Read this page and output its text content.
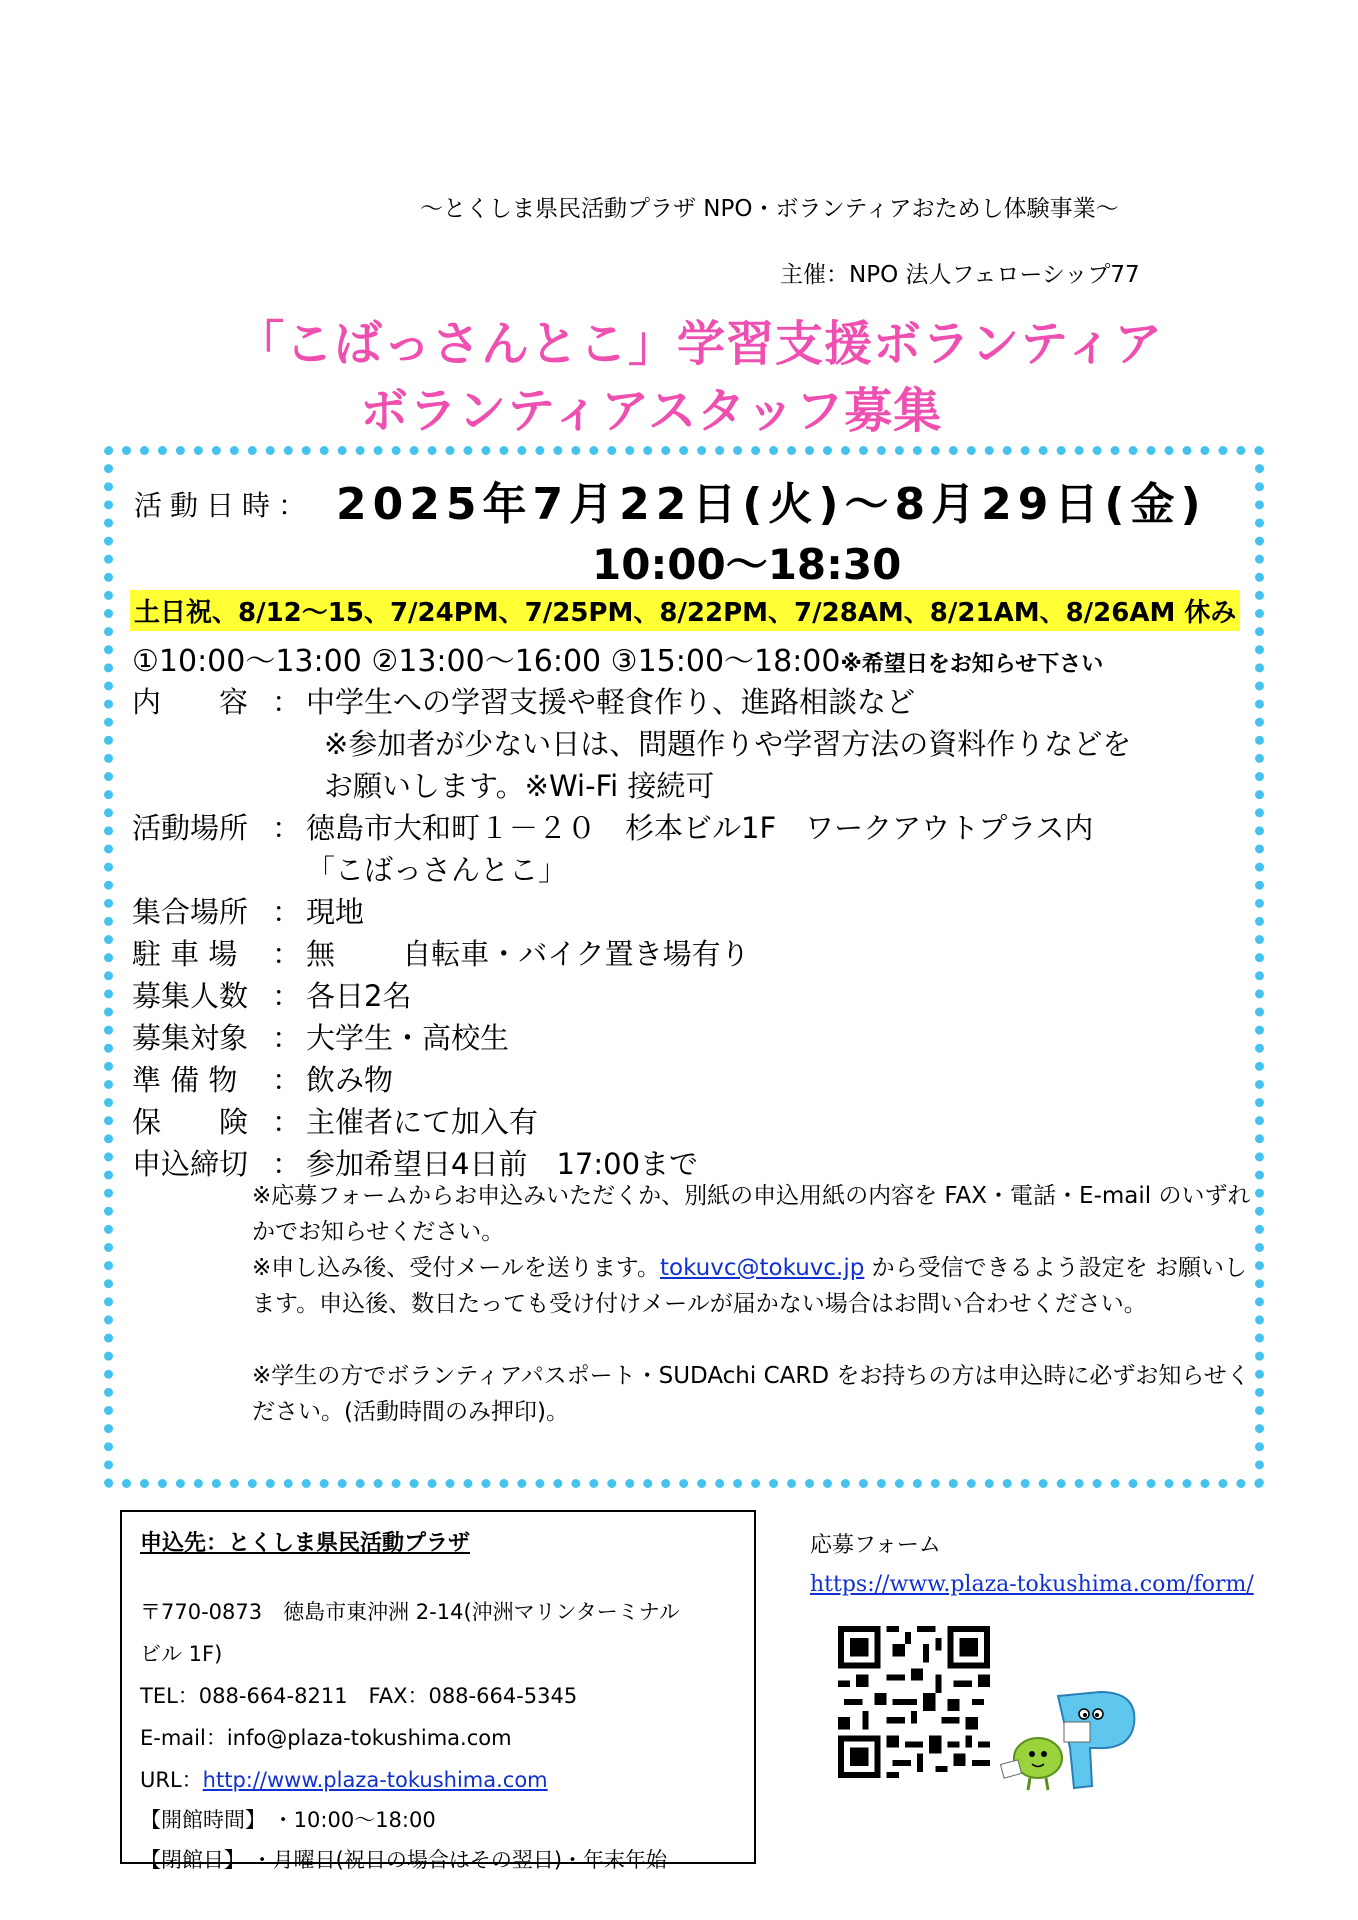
～とくしま県民活動プラザ NPO・ボランティアおためし体験事業～
主催：NPO 法人フェローシップ77
「こばっさんとこ」学習支援ボランティア
ボランティアスタッフ募集
活動日時： 2025年7月22日(火)～8月29日(金)
10:00～18:30
土日祝、8/12～15、7/24PM、7/25PM、8/22PM、7/28AM、8/21AM、8/26AM 休み
①10:00～13:00 ②13:00～16:00 ③15:00～18:00※希望日をお知らせ下さい
内　　容 ： 中学生への学習支援や軽食作り、進路相談など
※参加者が少ない日は、問題作りや学習方法の資料作りなどを
お願いします。※Wi-Fi 接続可
活動場所 ： 徳島市大和町１－２０　杉本ビル1F　ワークアウトプラス内
「こばっさんとこ」
集合場所 ： 現地
駐 車 場 ： 無　　 自転車・バイク置き場有り
募集人数 ： 各日2名
募集対象 ： 大学生・高校生
準 備 物 ： 飲み物
保　　険 ： 主催者にて加入有
申込締切 ： 参加希望日4日前　17:00まで
※応募フォームからお申込みいただくか、別紙の申込用紙の内容を FAX・電話・E-mail のいずれかでお知らせください。
※申し込み後、受付メールを送ります。tokuvc@tokuvc.jp から受信できるよう設定を お願いします。申込後、数日たっても受け付けメールが届かない場合はお問い合わせください。
※学生の方でボランティアパスポート・SUDAchi CARD をお持ちの方は申込時に必ずお知らせください。(活動時間のみ押印)。
申込先：とくしま県民活動プラザ
〒770-0873　徳島市東沖洲 2-14(沖洲マリンターミナル
ビル 1F)
TEL：088-664-8211　FAX：088-664-5345
E-mail：info@plaza-tokushima.com
URL：http://www.plaza-tokushima.com
【開館時間】 ・10:00～18:00
【閉館日】 ・月曜日(祝日の場合はその翌日)・年末年始
応募フォーム
https://www.plaza-tokushima.com/form/
